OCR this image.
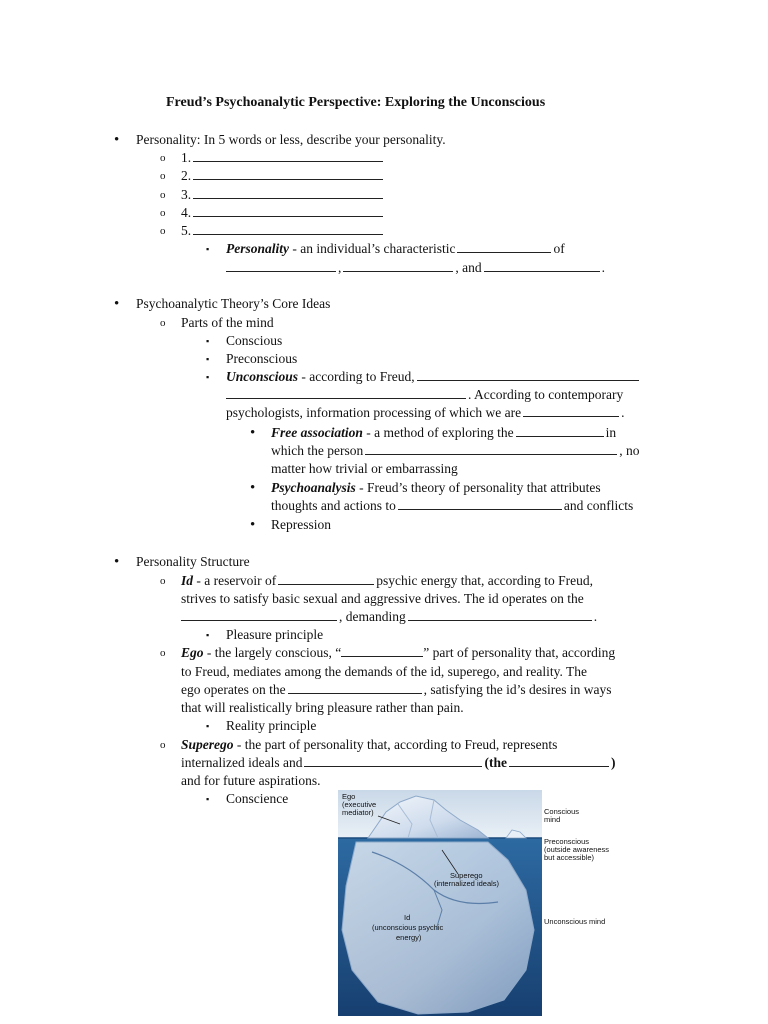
Freud’s Psychoanalytic Perspective: Exploring the Unconscious
• Personality: In 5 words or less, describe your personality.
o 1.
o 2.
o 3.
o 4.
o 5.
▪ Personality - an individual’s characteristic	of
,	, and	.
• Psychoanalytic Theory’s Core Ideas
o Parts of the mind
▪ Conscious
▪ Preconscious
▪ Unconscious - according to Freud,
. According to contemporary
psychologists, information processing of which we are	.
• Free association - a method of exploring the	in
which the person	, no
matter how trivial or embarrassing
• Psychoanalysis - Freud’s theory of personality that attributes
thoughts and actions to	and conflicts
• Repression
• Personality Structure
o Id - a reservoir of	psychic energy that, according to Freud,
strives to satisfy basic sexual and aggressive drives. The id operates on the
, demanding	.
▪ Pleasure principle
o Ego - the largely conscious, “	” part of personality that, according
to Freud, mediates among the demands of the id, superego, and reality. The
ego operates on the	, satisfying the id’s desires in ways
that will realistically bring pleasure rather than pain.
▪ Reality principle
o Superego - the part of personality that, according to Freud, represents
internalized ideals and	(the	)
and for future aspirations.
▪ Conscience	Ego
(executive
mediator)
Superego
(internalized ideals)
Id
(unconscious psychic
energy)
Conscious
mind
Preconscious
(outside awareness
but accessible)
Unconscious mind
